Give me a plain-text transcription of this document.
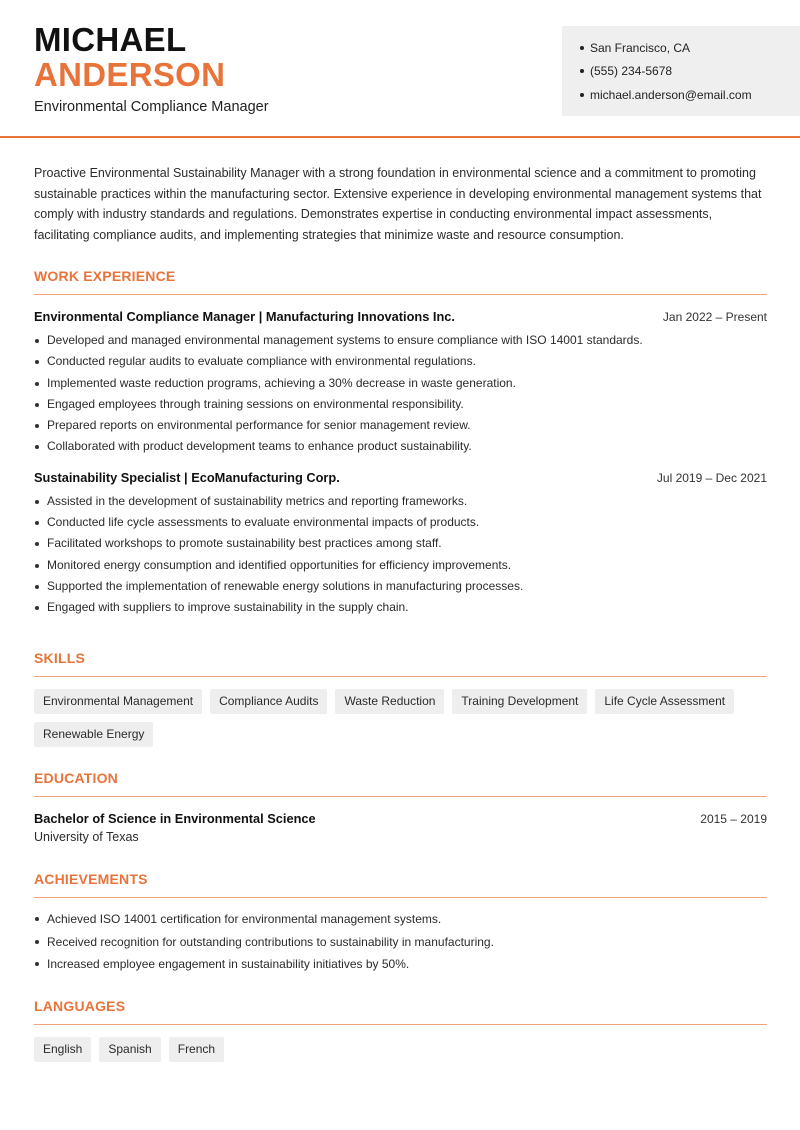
MICHAEL
ANDERSON
Environmental Compliance Manager
San Francisco, CA
(555) 234-5678
michael.anderson@email.com

Proactive Environmental Sustainability Manager with a strong foundation in environmental science and a commitment to promoting sustainable practices within the manufacturing sector. Extensive experience in developing environmental management systems that comply with industry standards and regulations. Demonstrates expertise in conducting environmental impact assessments, facilitating compliance audits, and implementing strategies that minimize waste and resource consumption.

WORK EXPERIENCE
Environmental Compliance Manager | Manufacturing Innovations Inc.	Jan 2022 – Present
Developed and managed environmental management systems to ensure compliance with ISO 14001 standards.
Conducted regular audits to evaluate compliance with environmental regulations.
Implemented waste reduction programs, achieving a 30% decrease in waste generation.
Engaged employees through training sessions on environmental responsibility.
Prepared reports on environmental performance for senior management review.
Collaborated with product development teams to enhance product sustainability.
Sustainability Specialist | EcoManufacturing Corp.	Jul 2019 – Dec 2021
Assisted in the development of sustainability metrics and reporting frameworks.
Conducted life cycle assessments to evaluate environmental impacts of products.
Facilitated workshops to promote sustainability best practices among staff.
Monitored energy consumption and identified opportunities for efficiency improvements.
Supported the implementation of renewable energy solutions in manufacturing processes.
Engaged with suppliers to improve sustainability in the supply chain.
SKILLS
Environmental Management	Compliance Audits	Waste Reduction	Training Development	Life Cycle Assessment
Renewable Energy
EDUCATION
Bachelor of Science in Environmental Science	2015 – 2019
University of Texas
ACHIEVEMENTS
Achieved ISO 14001 certification for environmental management systems.
Received recognition for outstanding contributions to sustainability in manufacturing.
Increased employee engagement in sustainability initiatives by 50%.
LANGUAGES
English	Spanish	French
